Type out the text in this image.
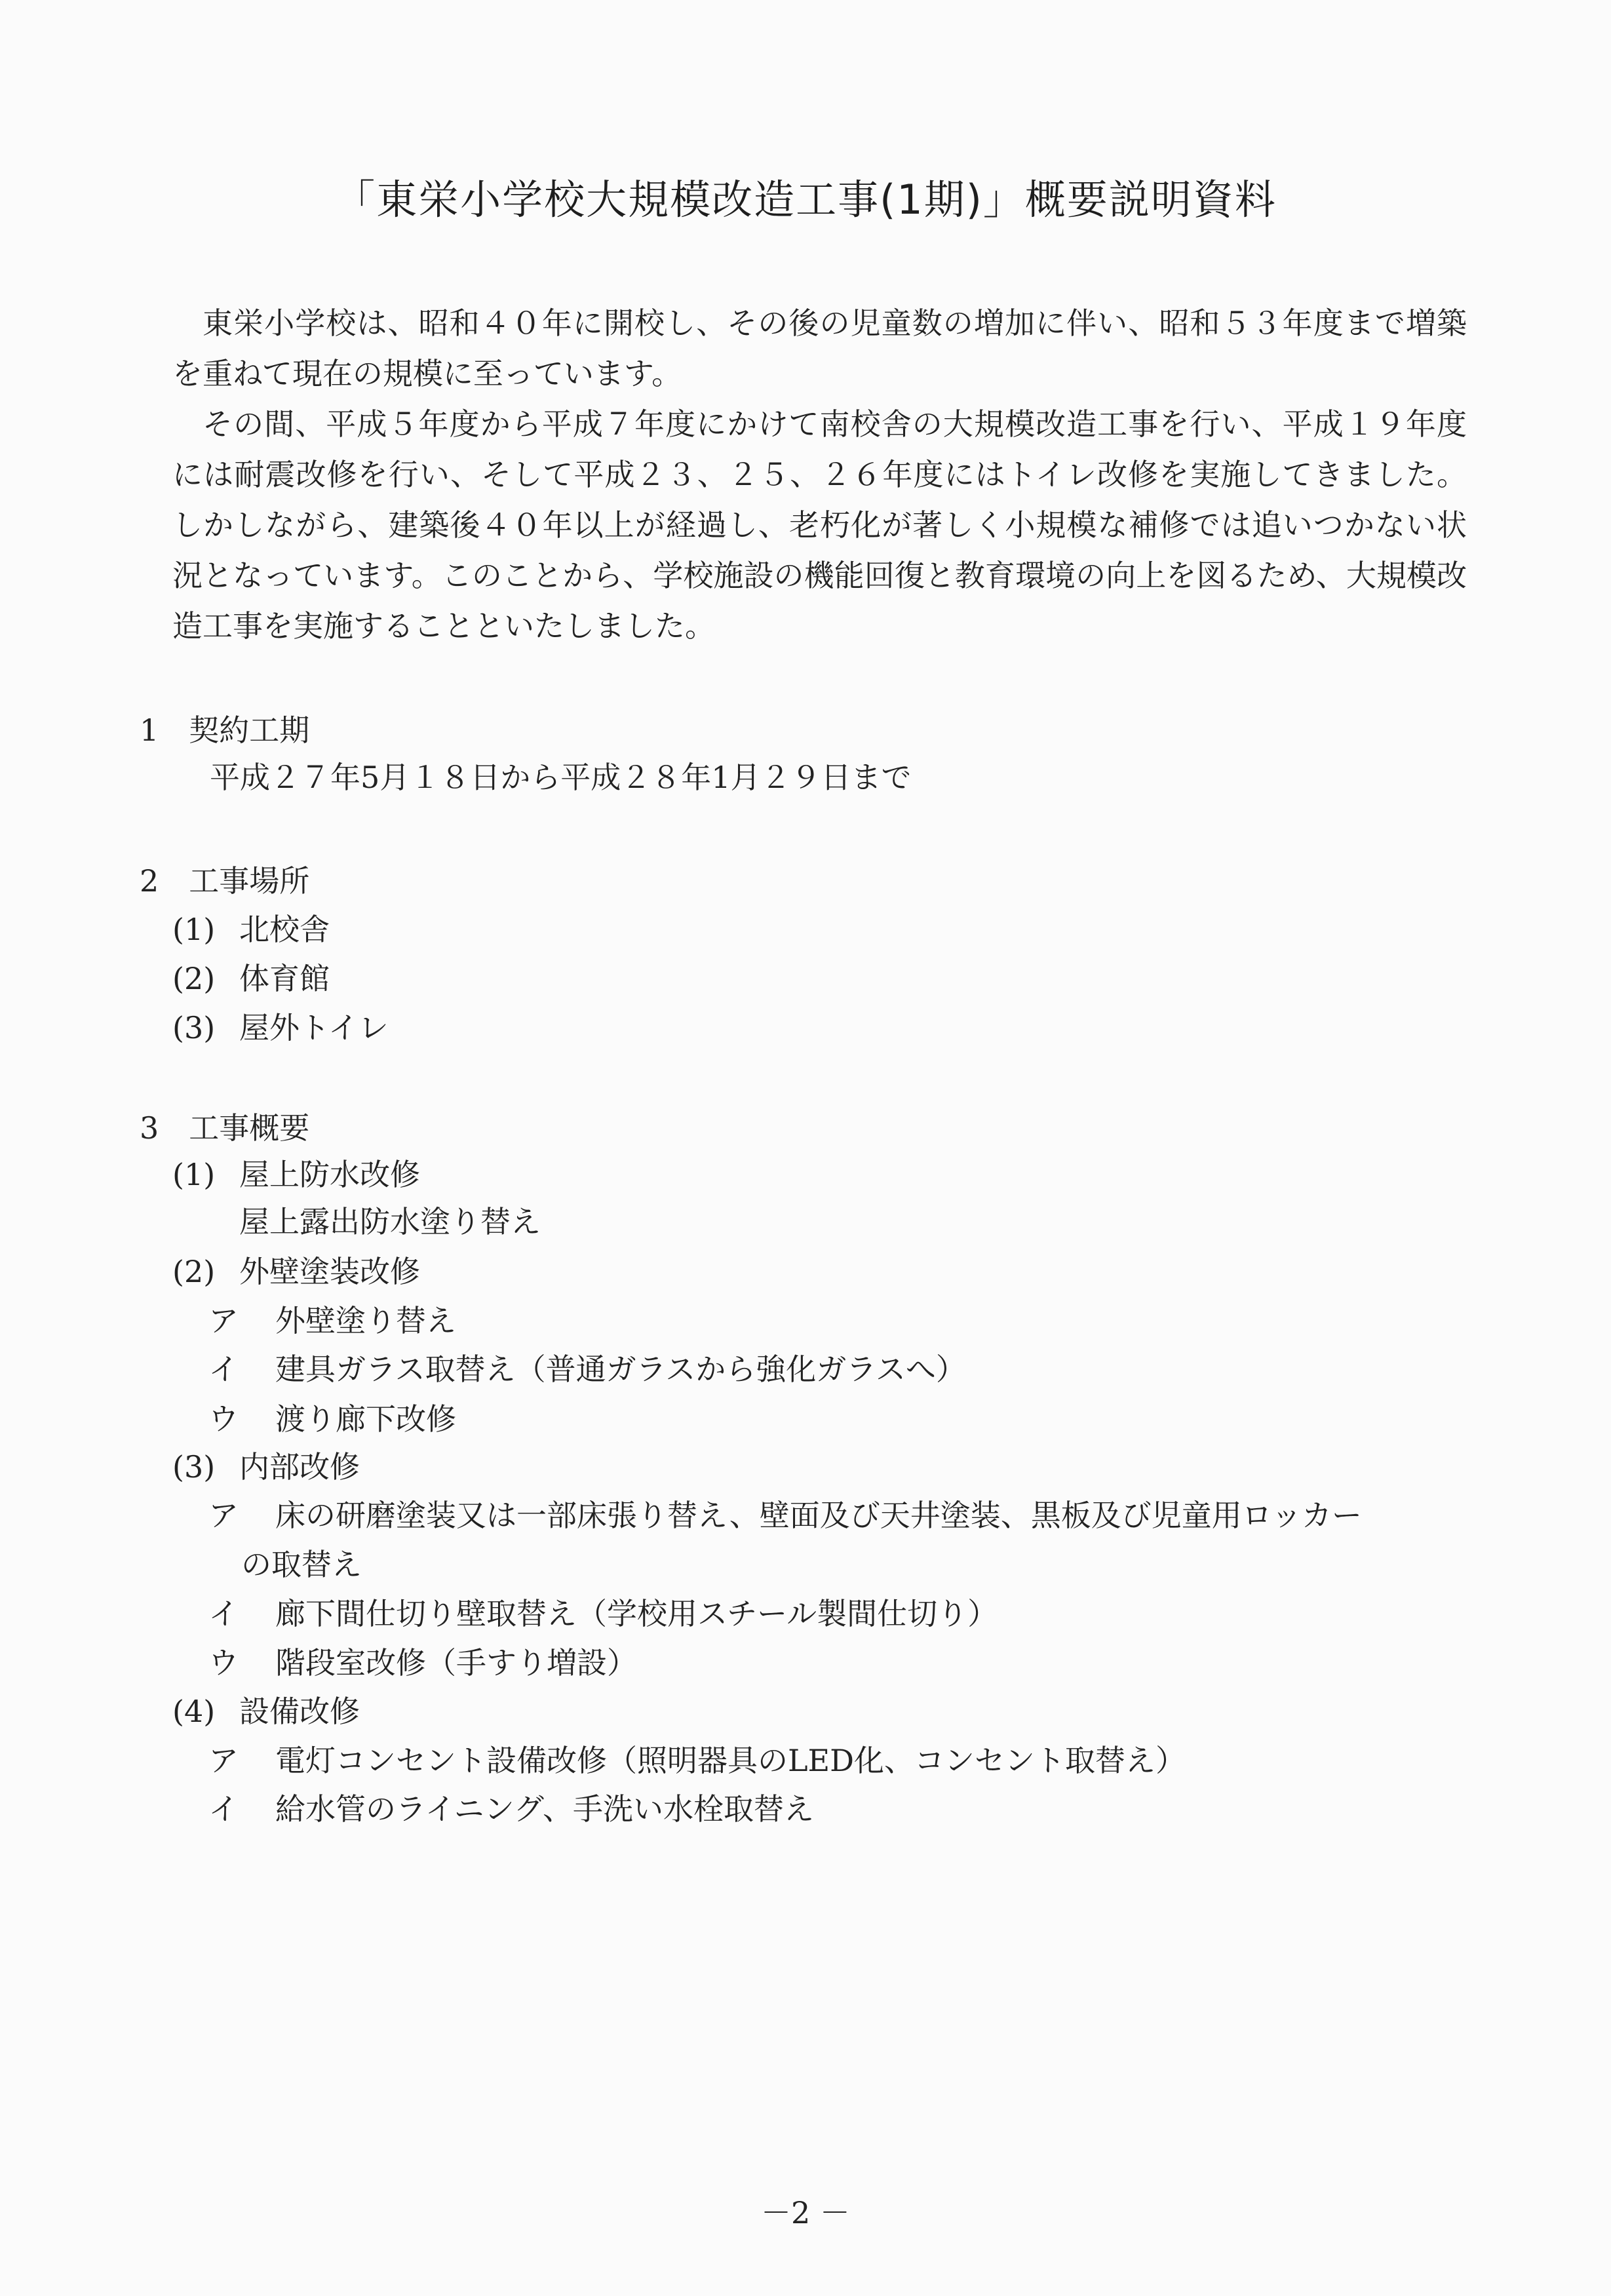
「東栄小学校大規模改造工事(1期)」概要説明資料

東栄小学校は、昭和４０年に開校し、その後の児童数の増加に伴い、昭和５３年度まで増築を重ねて現在の規模に至っています。

その間、平成５年度から平成７年度にかけて南校舎の大規模改造工事を行い、平成１９年度には耐震改修を行い、そして平成２３、２５、２６年度にはトイレ改修を実施してきました。しかしながら、建築後４０年以上が経過し、老朽化が著しく小規模な補修では追いつかない状況となっています。このことから、学校施設の機能回復と教育環境の向上を図るため、大規模改造工事を実施することといたしました。

1　契約工期
平成２７年5月１８日から平成２８年1月２９日まで
2　工事場所
(1) 北校舎
(2) 体育館
(3) 屋外トイレ
3　工事概要
(1) 屋上防水改修
屋上露出防水塗り替え
(2) 外壁塗装改修
ア 外壁塗り替え
イ 建具ガラス取替え（普通ガラスから強化ガラスへ）
ウ 渡り廊下改修
(3) 内部改修
ア 床の研磨塗装又は一部床張り替え、壁面及び天井塗装、黒板及び児童用ロッカー
の取替え
イ 廊下間仕切り壁取替え（学校用スチール製間仕切り）
ウ 階段室改修（手すり増設）
(4) 設備改修
ア 電灯コンセント設備改修（照明器具のLED化、コンセント取替え）
イ 給水管のライニング、手洗い水栓取替え
－2 －
